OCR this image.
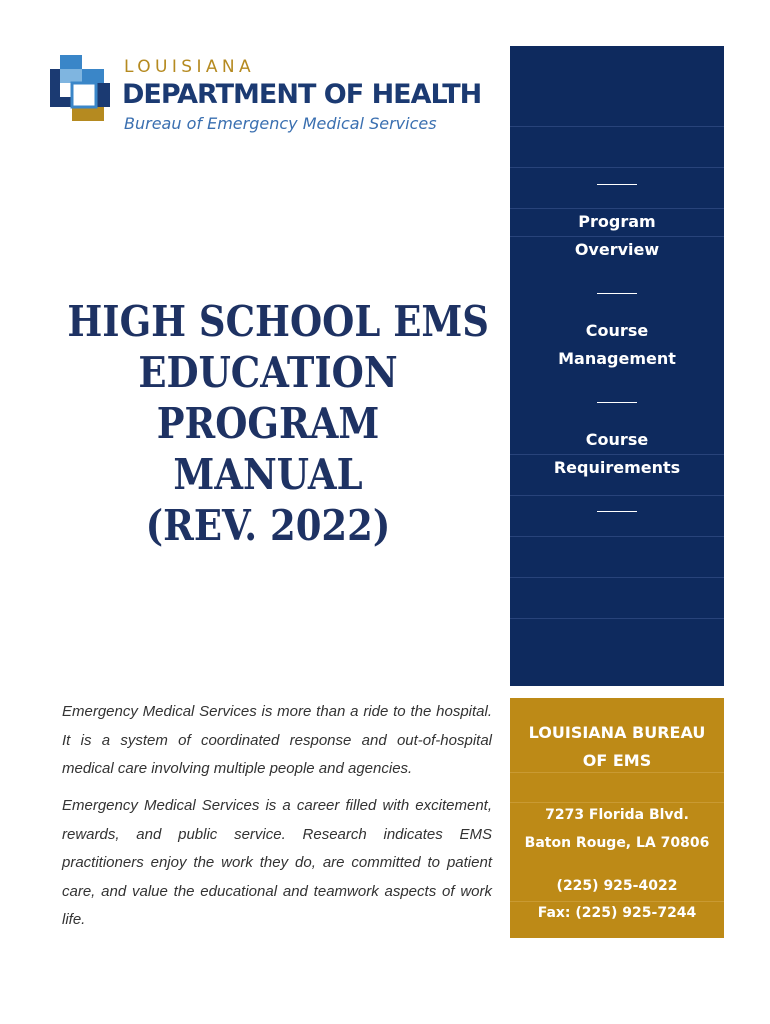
LOUISIANA
DEPARTMENT OF HEALTH
Bureau of Emergency Medical Services
HIGH SCHOOL EMS
EDUCATION
PROGRAM
MANUAL
(REV. 2022)
Program
Overview
Course
Management
Course
Requirements
LOUISIANA BUREAU
OF EMS
7273 Florida Blvd.
Baton Rouge, LA 70806
(225) 925-4022
Fax: (225) 925-7244
Emergency Medical Services is more than a ride to the hospital. It is a system of coordinated response and out-of-hospital medical care involving multiple people and agencies.
Emergency Medical Services is a career filled with excitement, rewards, and public service. Research indicates EMS practitioners enjoy the work they do, are committed to patient care, and value the educational and teamwork aspects of work life.
